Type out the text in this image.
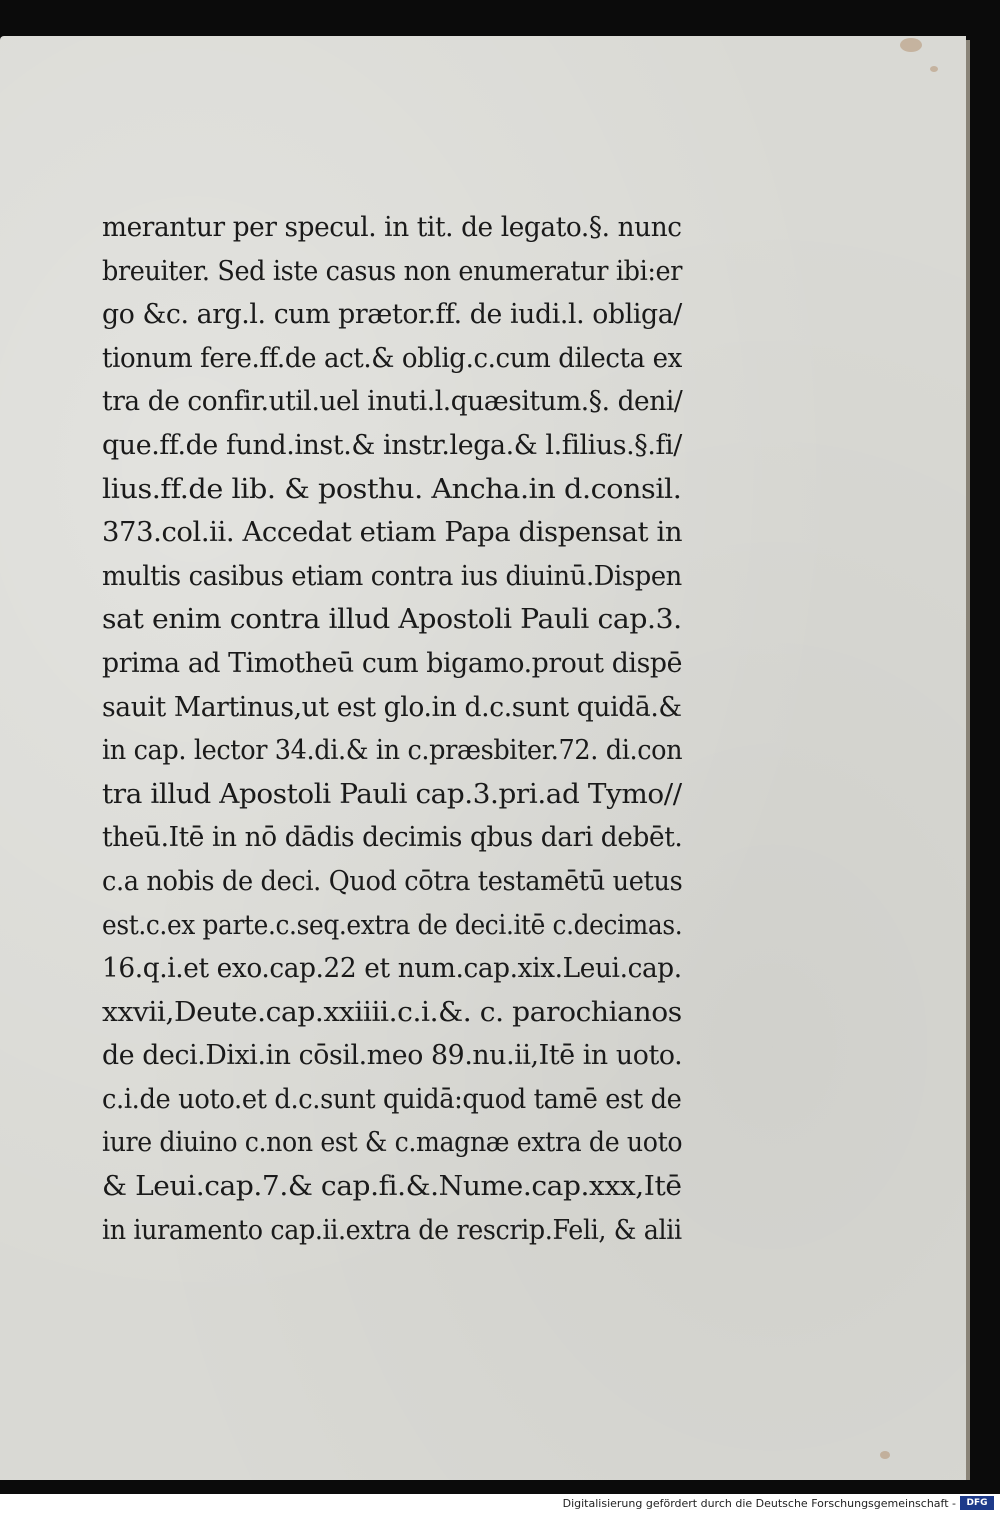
merantur per specul. in tit. de legato.§. nunc
breuiter. Sed iste casus non enumeratur ibi:er
go &c. arg.l. cum prætor.ff. de iudi.l. obliga/
tionum fere.ff.de act.& oblig.c.cum dilecta ex
tra de confir.util.uel inuti.l.quæsitum.§. deni/
que.ff.de fund.inst.& instr.lega.& l.filius.§.fi/
lius.ff.de lib. & posthu. Ancha.in d.consil.
373.col.ii. Accedat etiam Papa dispensat in
multis casibus etiam contra ius diuinū.Dispen
sat enim contra illud Apostoli Pauli cap.3.
prima ad Timotheū cum bigamo.prout dispē
sauit Martinus,ut est glo.in d.c.sunt quidā.&
in cap. lector 34.di.& in c.præsbiter.72. di.con
tra illud Apostoli Pauli cap.3.pri.ad Tymo//
theū.Itē in nō dādis decimis qbus dari debēt.
c.a nobis de deci. Quod cōtra testamētū uetus
est.c.ex parte.c.seq.extra de deci.itē c.decimas.
16.q.i.et exo.cap.22 et num.cap.xix.Leui.cap.
xxvii,Deute.cap.xxiiii.c.i.&. c. parochianos
de deci.Dixi.in cōsil.meo 89.nu.ii,Itē in uoto.
c.i.de uoto.et d.c.sunt quidā:quod tamē est de
iure diuino c.non est & c.magnæ extra de uoto
& Leui.cap.7.& cap.fi.&.Nume.cap.xxx,Itē
in iuramento cap.ii.extra de rescrip.Feli, & alii
Digitalisierung gefördert durch die Deutsche Forschungsgemeinschaft -	DFG
